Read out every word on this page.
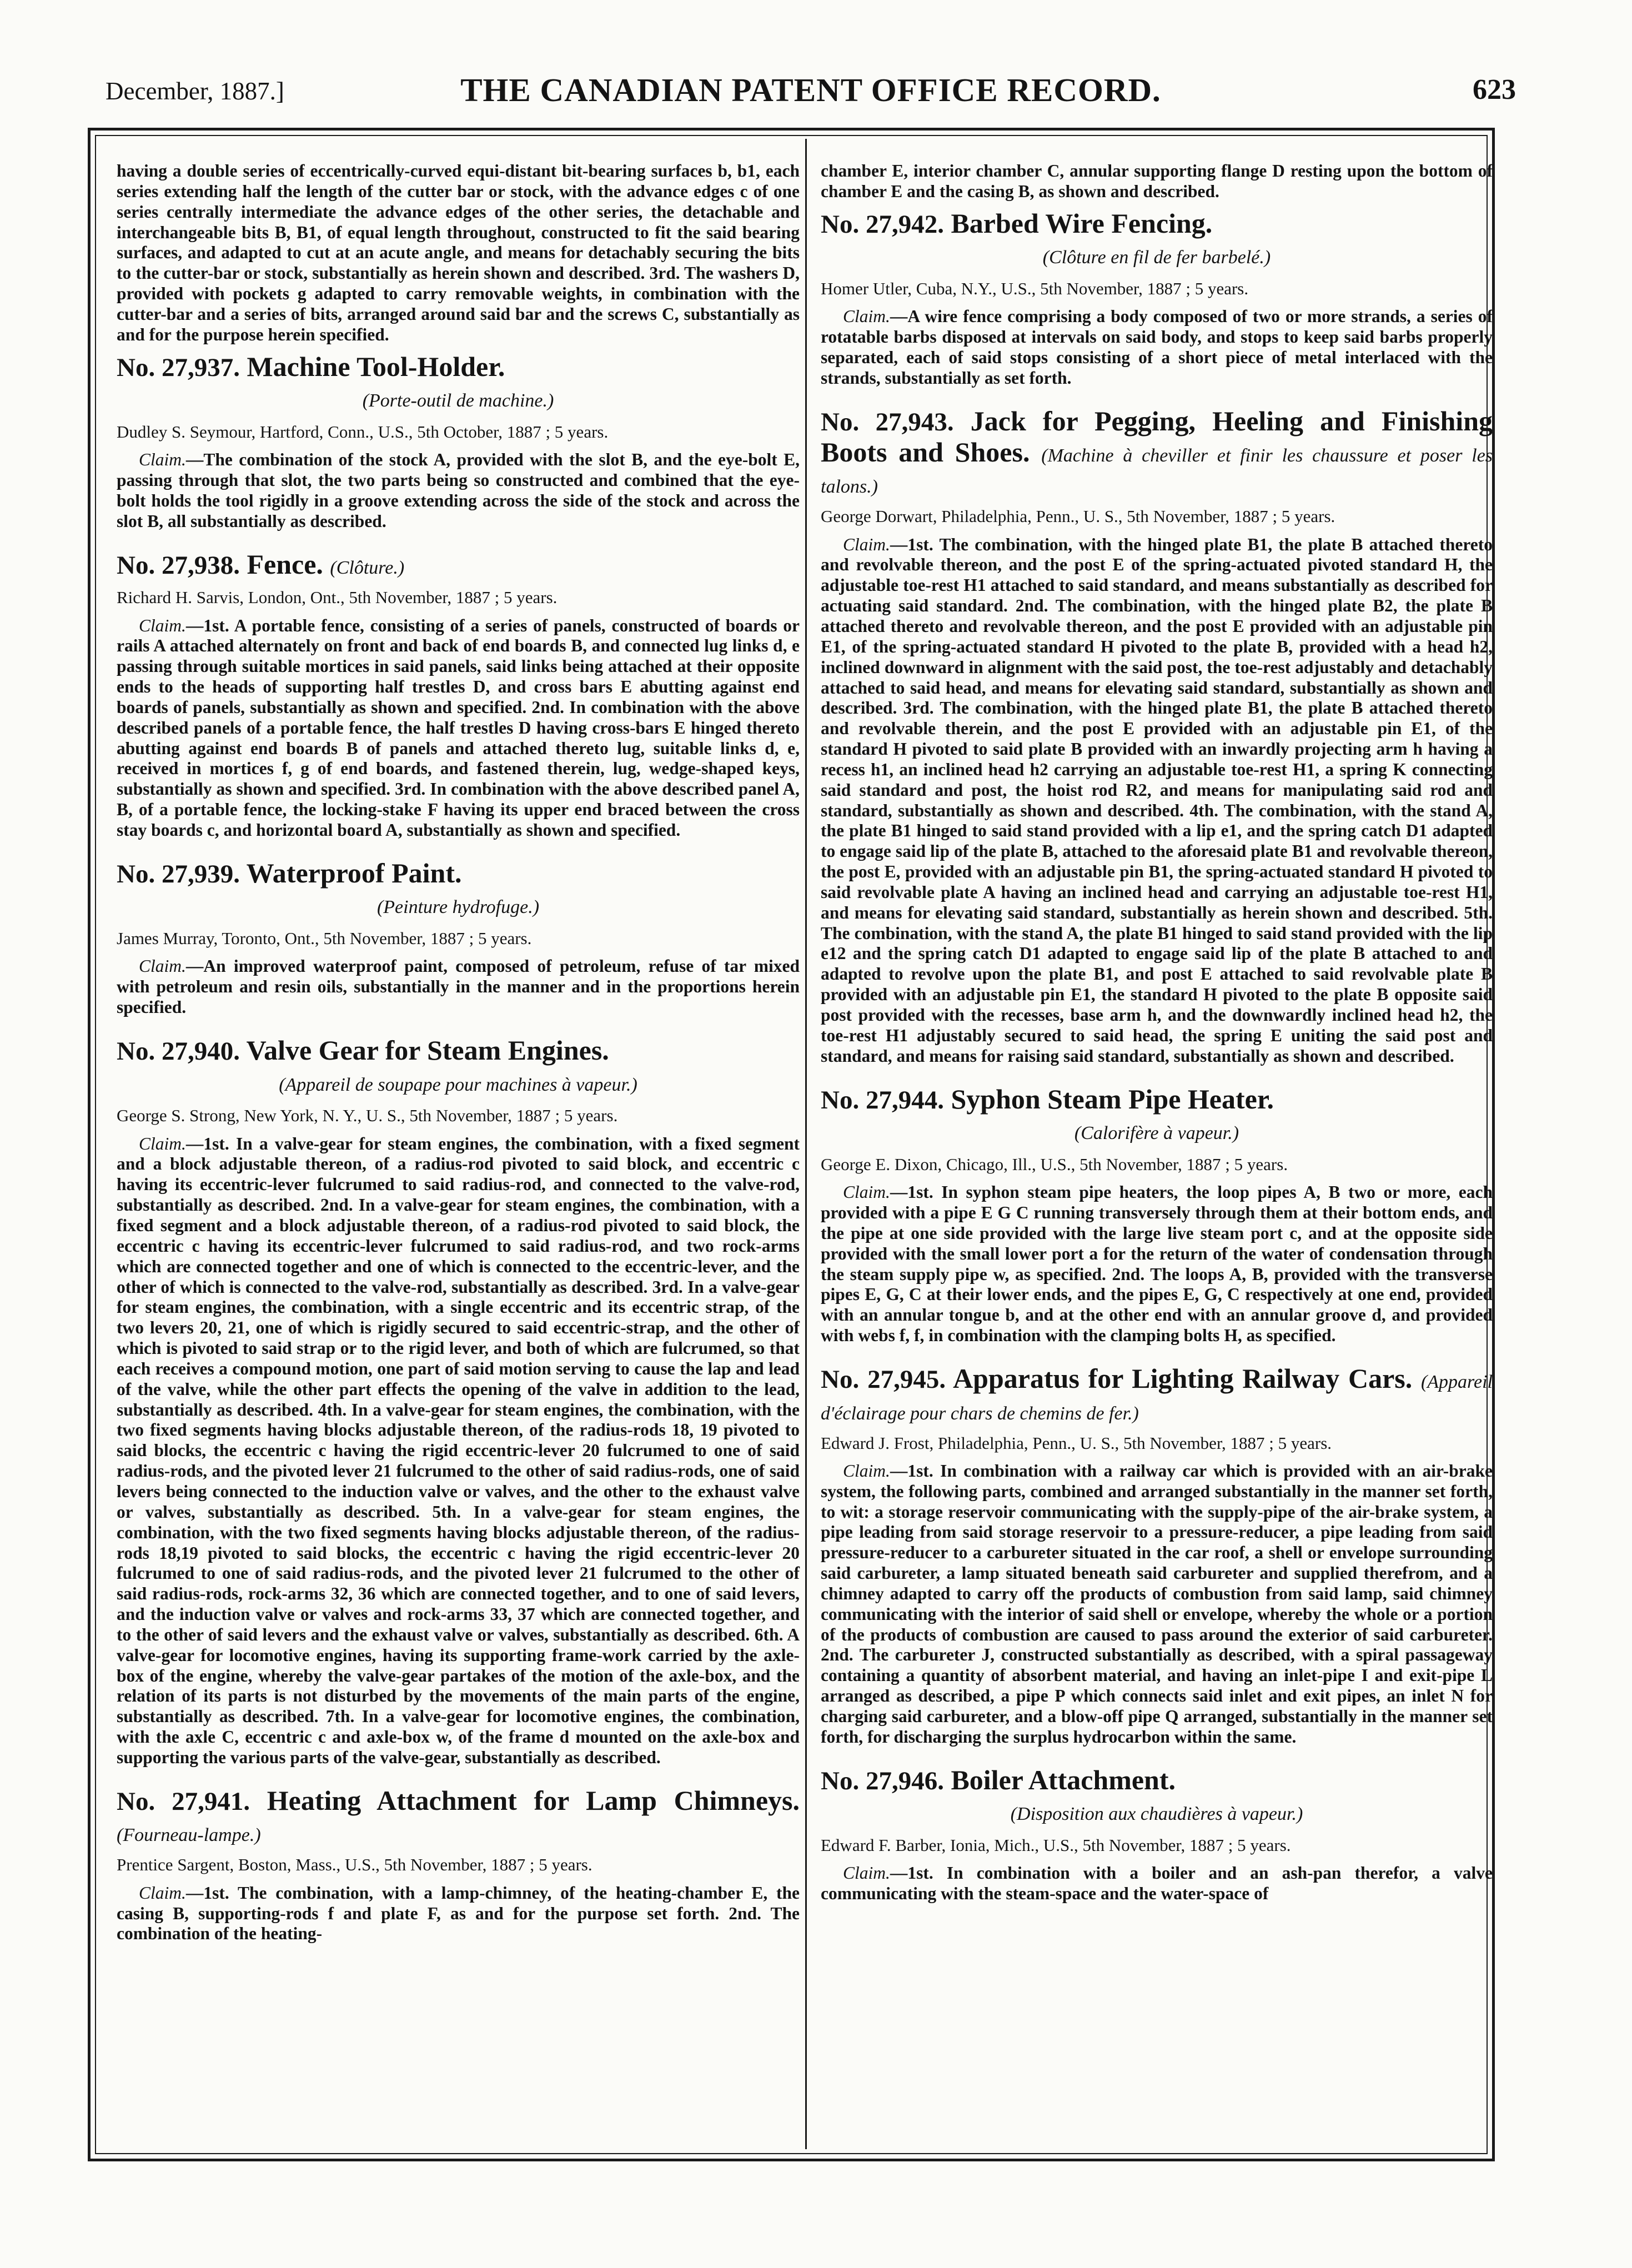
December, 1887.]	THE CANADIAN PATENT OFFICE RECORD.	623

having a double series of eccentrically-curved equi-distant bit-bearing surfaces b, b1, each series extending half the length of the cutter bar or stock, with the advance edges c of one series centrally intermediate the advance edges of the other series, the detachable and interchangeable bits B, B1, of equal length throughout, constructed to fit the said bearing surfaces, and adapted to cut at an acute angle, and means for detachably securing the bits to the cutter-bar or stock, substantially as herein shown and described. 3rd. The washers D, provided with pockets g adapted to carry removable weights, in combination with the cutter-bar and a series of bits, arranged around said bar and the screws C, substantially as and for the purpose herein specified.

No. 27,937. Machine Tool-Holder.

(Porte-outil de machine.)

Dudley S. Seymour, Hartford, Conn., U.S., 5th October, 1887 ; 5 years.

Claim.—The combination of the stock A, provided with the slot B, and the eye-bolt E, passing through that slot, the two parts being so constructed and combined that the eye-bolt holds the tool rigidly in a groove extending across the side of the stock and across the slot B, all substantially as described.

No. 27,938. Fence. (Clôture.)

Richard H. Sarvis, London, Ont., 5th November, 1887 ; 5 years.

Claim.—1st. A portable fence, consisting of a series of panels, constructed of boards or rails A attached alternately on front and back of end boards B, and connected lug links d, e passing through suitable mortices in said panels, said links being attached at their opposite ends to the heads of supporting half trestles D, and cross bars E abutting against end boards of panels, substantially as shown and specified. 2nd. In combination with the above described panels of a portable fence, the half trestles D having cross-bars E hinged thereto abutting against end boards B of panels and attached thereto lug, suitable links d, e, received in mortices f, g of end boards, and fastened therein, lug, wedge-shaped keys, substantially as shown and specified. 3rd. In combination with the above described panel A, B, of a portable fence, the locking-stake F having its upper end braced between the cross stay boards c, and horizontal board A, substantially as shown and specified.

No. 27,939. Waterproof Paint.

(Peinture hydrofuge.)

James Murray, Toronto, Ont., 5th November, 1887 ; 5 years.

Claim.—An improved waterproof paint, composed of petroleum, refuse of tar mixed with petroleum and resin oils, substantially in the manner and in the proportions herein specified.

No. 27,940. Valve Gear for Steam Engines.

(Appareil de soupape pour machines à vapeur.)

George S. Strong, New York, N. Y., U. S., 5th November, 1887 ; 5 years.

Claim.—1st. In a valve-gear for steam engines, the combination, with a fixed segment and a block adjustable thereon, of a radius-rod pivoted to said block, and eccentric c having its eccentric-lever fulcrumed to said radius-rod, and connected to the valve-rod, substantially as described. 2nd. In a valve-gear for steam engines, the combination, with a fixed segment and a block adjustable thereon, of a radius-rod pivoted to said block, the eccentric c having its eccentric-lever fulcrumed to said radius-rod, and two rock-arms which are connected together and one of which is connected to the eccentric-lever, and the other of which is connected to the valve-rod, substantially as described. 3rd. In a valve-gear for steam engines, the combination, with a single eccentric and its eccentric strap, of the two levers 20, 21, one of which is rigidly secured to said eccentric-strap, and the other of which is pivoted to said strap or to the rigid lever, and both of which are fulcrumed, so that each receives a compound motion, one part of said motion serving to cause the lap and lead of the valve, while the other part effects the opening of the valve in addition to the lead, substantially as described. 4th. In a valve-gear for steam engines, the combination, with the two fixed segments having blocks adjustable thereon, of the radius-rods 18, 19 pivoted to said blocks, the eccentric c having the rigid eccentric-lever 20 fulcrumed to one of said radius-rods, and the pivoted lever 21 fulcrumed to the other of said radius-rods, one of said levers being connected to the induction valve or valves, and the other to the exhaust valve or valves, substantially as described. 5th. In a valve-gear for steam engines, the combination, with the two fixed segments having blocks adjustable thereon, of the radius-rods 18,19 pivoted to said blocks, the eccentric c having the rigid eccentric-lever 20 fulcrumed to one of said radius-rods, and the pivoted lever 21 fulcrumed to the other of said radius-rods, rock-arms 32, 36 which are connected together, and to one of said levers, and the induction valve or valves and rock-arms 33, 37 which are connected together, and to the other of said levers and the exhaust valve or valves, substantially as described. 6th. A valve-gear for locomotive engines, having its supporting frame-work carried by the axle-box of the engine, whereby the valve-gear partakes of the motion of the axle-box, and the relation of its parts is not disturbed by the movements of the main parts of the engine, substantially as described. 7th. In a valve-gear for locomotive engines, the combination, with the axle C, eccentric c and axle-box w, of the frame d mounted on the axle-box and supporting the various parts of the valve-gear, substantially as described.

No. 27,941. Heating Attachment for Lamp Chimneys. (Fourneau-lampe.)

Prentice Sargent, Boston, Mass., U.S., 5th November, 1887 ; 5 years.

Claim.—1st. The combination, with a lamp-chimney, of the heating-chamber E, the casing B, supporting-rods f and plate F, as and for the purpose set forth. 2nd. The combination of the heating-

chamber E, interior chamber C, annular supporting flange D resting upon the bottom of chamber E and the casing B, as shown and described.

No. 27,942. Barbed Wire Fencing.

(Clôture en fil de fer barbelé.)

Homer Utler, Cuba, N.Y., U.S., 5th November, 1887 ; 5 years.

Claim.—A wire fence comprising a body composed of two or more strands, a series of rotatable barbs disposed at intervals on said body, and stops to keep said barbs properly separated, each of said stops consisting of a short piece of metal interlaced with the strands, substantially as set forth.

No. 27,943. Jack for Pegging, Heeling and Finishing Boots and Shoes. (Machine à cheviller et finir les chaussure et poser les talons.)

George Dorwart, Philadelphia, Penn., U. S., 5th November, 1887 ; 5 years.

Claim.—1st. The combination, with the hinged plate B1, the plate B attached thereto and revolvable thereon, and the post E of the spring-actuated pivoted standard H, the adjustable toe-rest H1 attached to said standard, and means substantially as described for actuating said standard. 2nd. The combination, with the hinged plate B2, the plate B attached thereto and revolvable thereon, and the post E provided with an adjustable pin E1, of the spring-actuated standard H pivoted to the plate B, provided with a head h2, inclined downward in alignment with the said post, the toe-rest adjustably and detachably attached to said head, and means for elevating said standard, substantially as shown and described. 3rd. The combination, with the hinged plate B1, the plate B attached thereto and revolvable therein, and the post E provided with an adjustable pin E1, of the standard H pivoted to said plate B provided with an inwardly projecting arm h having a recess h1, an inclined head h2 carrying an adjustable toe-rest H1, a spring K connecting said standard and post, the hoist rod R2, and means for manipulating said rod and standard, substantially as shown and described. 4th. The combination, with the stand A, the plate B1 hinged to said stand provided with a lip e1, and the spring catch D1 adapted to engage said lip of the plate B, attached to the aforesaid plate B1 and revolvable thereon, the post E, provided with an adjustable pin B1, the spring-actuated standard H pivoted to said revolvable plate A having an inclined head and carrying an adjustable toe-rest H1, and means for elevating said standard, substantially as herein shown and described. 5th. The combination, with the stand A, the plate B1 hinged to said stand provided with the lip e12 and the spring catch D1 adapted to engage said lip of the plate B attached to and adapted to revolve upon the plate B1, and post E attached to said revolvable plate B provided with an adjustable pin E1, the standard H pivoted to the plate B opposite said post provided with the recesses, base arm h, and the downwardly inclined head h2, the toe-rest H1 adjustably secured to said head, the spring E uniting the said post and standard, and means for raising said standard, substantially as shown and described.

No. 27,944. Syphon Steam Pipe Heater.

(Calorifère à vapeur.)

George E. Dixon, Chicago, Ill., U.S., 5th November, 1887 ; 5 years.

Claim.—1st. In syphon steam pipe heaters, the loop pipes A, B two or more, each provided with a pipe E G C running transversely through them at their bottom ends, and the pipe at one side provided with the large live steam port c, and at the opposite side provided with the small lower port a for the return of the water of condensation through the steam supply pipe w, as specified. 2nd. The loops A, B, provided with the transverse pipes E, G, C at their lower ends, and the pipes E, G, C respectively at one end, provided with an annular tongue b, and at the other end with an annular groove d, and provided with webs f, f, in combination with the clamping bolts H, as specified.

No. 27,945. Apparatus for Lighting Railway Cars. (Appareil d'éclairage pour chars de chemins de fer.)

Edward J. Frost, Philadelphia, Penn., U. S., 5th November, 1887 ; 5 years.

Claim.—1st. In combination with a railway car which is provided with an air-brake system, the following parts, combined and arranged substantially in the manner set forth, to wit: a storage reservoir communicating with the supply-pipe of the air-brake system, a pipe leading from said storage reservoir to a pressure-reducer, a pipe leading from said pressure-reducer to a carbureter situated in the car roof, a shell or envelope surrounding said carbureter, a lamp situated beneath said carbureter and supplied therefrom, and a chimney adapted to carry off the products of combustion from said lamp, said chimney communicating with the interior of said shell or envelope, whereby the whole or a portion of the products of combustion are caused to pass around the exterior of said carbureter. 2nd. The carbureter J, constructed substantially as described, with a spiral passageway containing a quantity of absorbent material, and having an inlet-pipe I and exit-pipe L arranged as described, a pipe P which connects said inlet and exit pipes, an inlet N for charging said carbureter, and a blow-off pipe Q arranged, substantially in the manner set forth, for discharging the surplus hydrocarbon within the same.

No. 27,946. Boiler Attachment.

(Disposition aux chaudières à vapeur.)

Edward F. Barber, Ionia, Mich., U.S., 5th November, 1887 ; 5 years.

Claim.—1st. In combination with a boiler and an ash-pan therefor, a valve communicating with the steam-space and the water-space of
